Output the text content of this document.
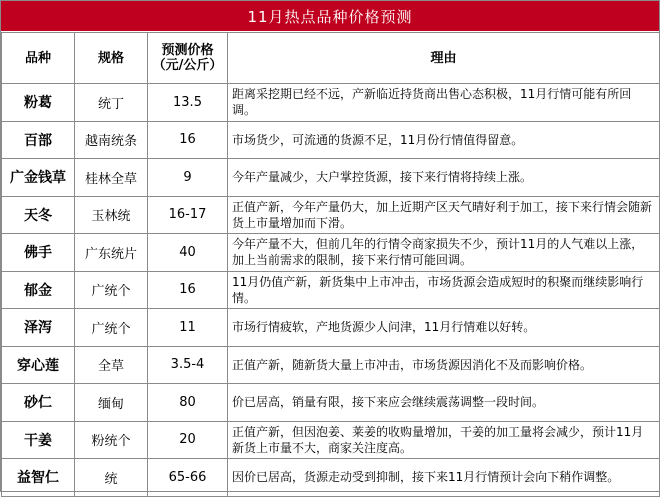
11月热点品种价格预测
品种	规格	预测价格（元/公斤）	理由
粉葛	统丁	13.5	距离采挖期已经不远，产新临近持货商出售心态积极，11月行情可能有所回调。
百部	越南统条	16	市场货少，可流通的货源不足，11月份行情值得留意。
广金钱草	桂林全草	9	今年产量减少，大户掌控货源，接下来行情将持续上涨。
天冬	玉林统	16-17	正值产新，今年产量仍大，加上近期产区天气晴好利于加工，接下来行情会随新货上市量增加而下滑。
佛手	广东统片	40	今年产量不大，但前几年的行情令商家损失不少，预计11月的人气难以上涨，加上当前需求的限制，接下来行情可能回调。
郁金	广统个	16	11月仍值产新，新货集中上市冲击，市场货源会造成短时的积聚而继续影响行情。
泽泻	广统个	11	市场行情疲软，产地货源少人问津，11月行情难以好转。
穿心莲	全草	3.5-4	正值产新，随新货大量上市冲击，市场货源因消化不及而影响价格。
砂仁	缅甸	80	价已居高，销量有限，接下来应会继续震荡调整一段时间。
干姜	粉统个	20	正值产新，但因泡姜、莱姜的收购量增加，干姜的加工量将会减少，预计11月新货上市量不大，商家关注度高。
益智仁	统	65-66	因价已居高，货源走动受到抑制，接下来11月行情预计会向下稍作调整。
